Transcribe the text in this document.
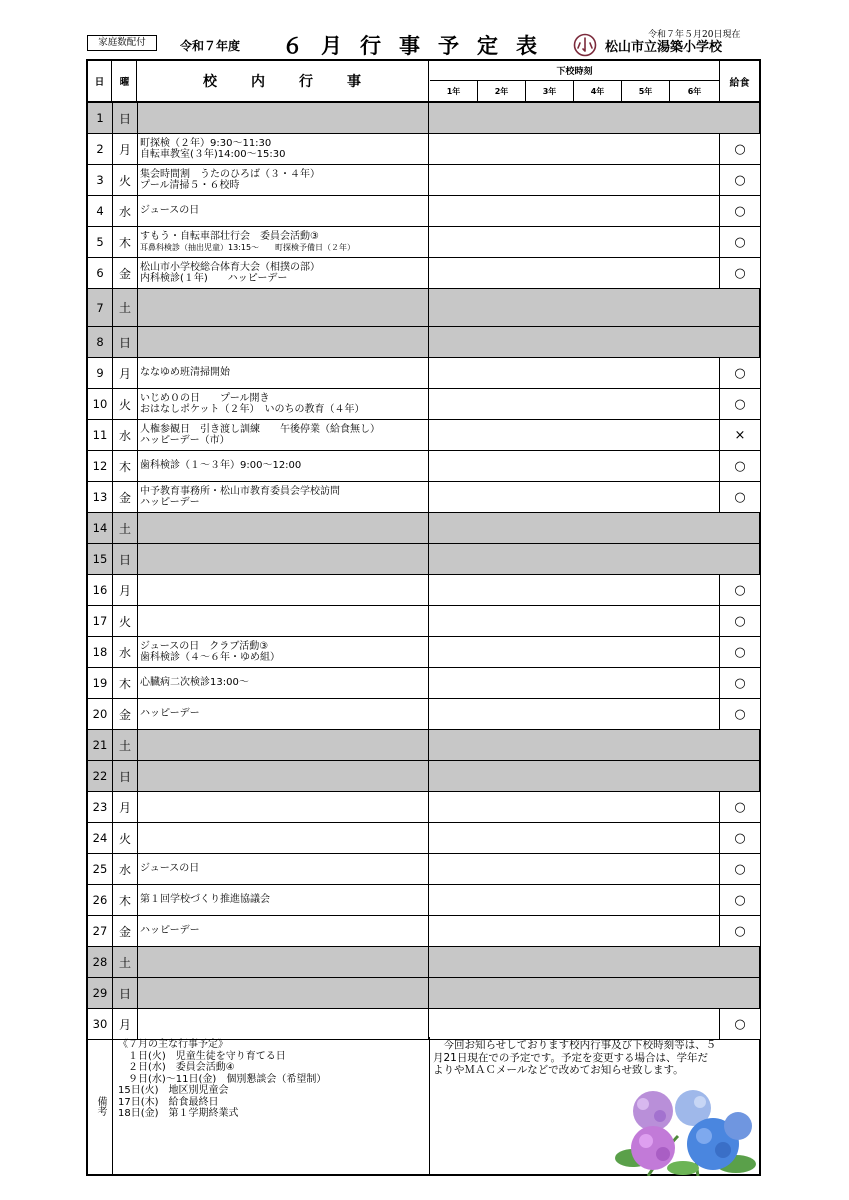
家庭数配付	令和７年度 ６月行事予定表	松山市立湯築小学校
令和７年５月20日現在
日	曜	校　　内　　行　　事
下校時刻
1年	2年	3年	4年	5年	6年
給食
1	日
2	月 町探検（２年）9:30～11:30
自転車教室(３年)14:00～15:30	○
3	火 集会時間割　うたのひろば（３・４年）
プール清掃５・６校時	○
4	水 ジュースの日	○
5	木 すもう・自転車部壮行会　委員会活動③
耳鼻科検診（抽出児童）13:15～　　町探検予備日（２年）	○
6	金 松山市小学校総合体育大会（相撲の部）
内科検診(１年)　　ハッピーデー	○
7	土
8	日
9	月 ななゆめ班清掃開始	○
10 火 いじめ０の日　　プール開き
おはなしポケット（２年）　いのちの教育（４年）	○
11 水 人権参観日　引き渡し訓練　　午後停業（給食無し）
ハッピーデー（市）	×
12 木 歯科検診（１～３年）9:00～12:00	○
13 金 中予教育事務所・松山市教育委員会学校訪問
ハッピーデー	○
14 土
15 日
16 月	○
17 火	○
18 水 ジュースの日　クラブ活動③
歯科検診（４～６年・ゆめ組）	○
19 木 心臓病二次検診13:00～	○
20 金 ハッピーデー	○
21 土
22 日
23 月	○
24 火	○
25 水 ジュースの日	○
26 木 第１回学校づくり推進協議会	○
27 金 ハッピーデー	○
28 土
29 日
30 月	○
備考
《７月の主な行事予定》
　１日(火)　児童生徒を守り育てる日
　２日(水)　委員会活動④
　９日(水)～11日(金)　個別懇談会（希望制）
15日(火)　地区別児童会
17日(木)　給食最終日
18日(金)　第１学期終業式
　今回お知らせしております校内行事及び下校時刻等は、５月21日現在での予定です。予定を変更する場合は、学年だよりやＭＡＣメールなどで改めてお知らせ致します。
